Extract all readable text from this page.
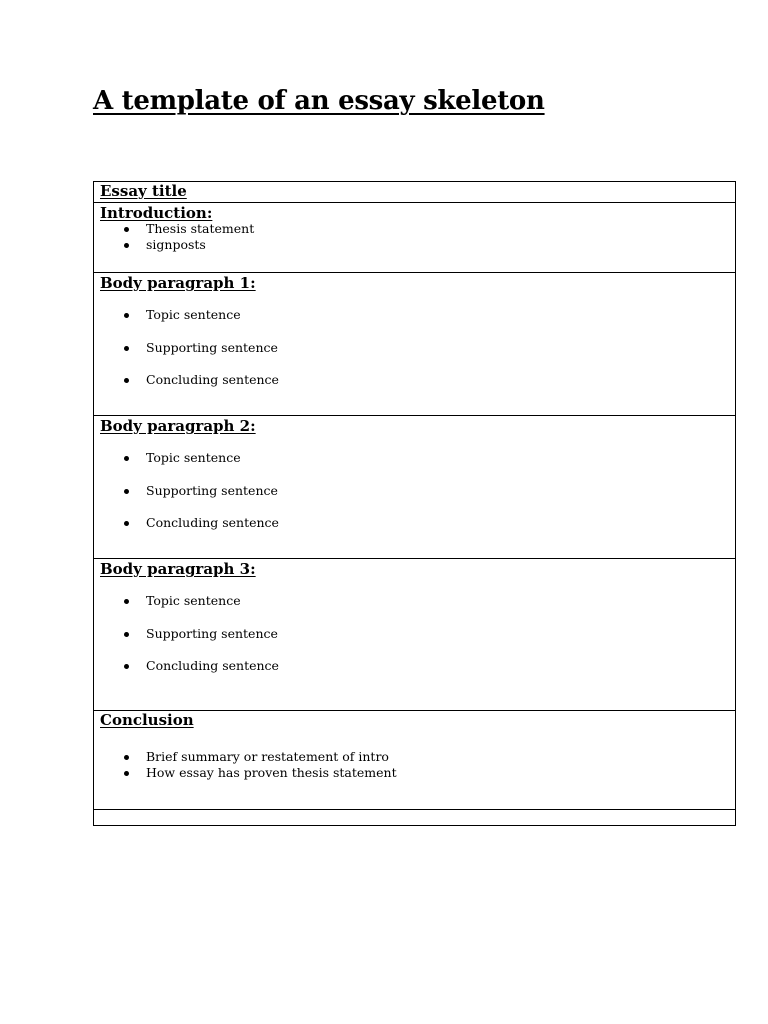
A template of an essay skeleton
Essay title

Introduction:
Thesis statement
signposts

Body paragraph 1:
Topic sentence
Supporting sentence
Concluding sentence

Body paragraph 2:
Topic sentence
Supporting sentence
Concluding sentence

Body paragraph 3:
Topic sentence
Supporting sentence
Concluding sentence

Conclusion
Brief summary or restatement of intro
How essay has proven thesis statement
